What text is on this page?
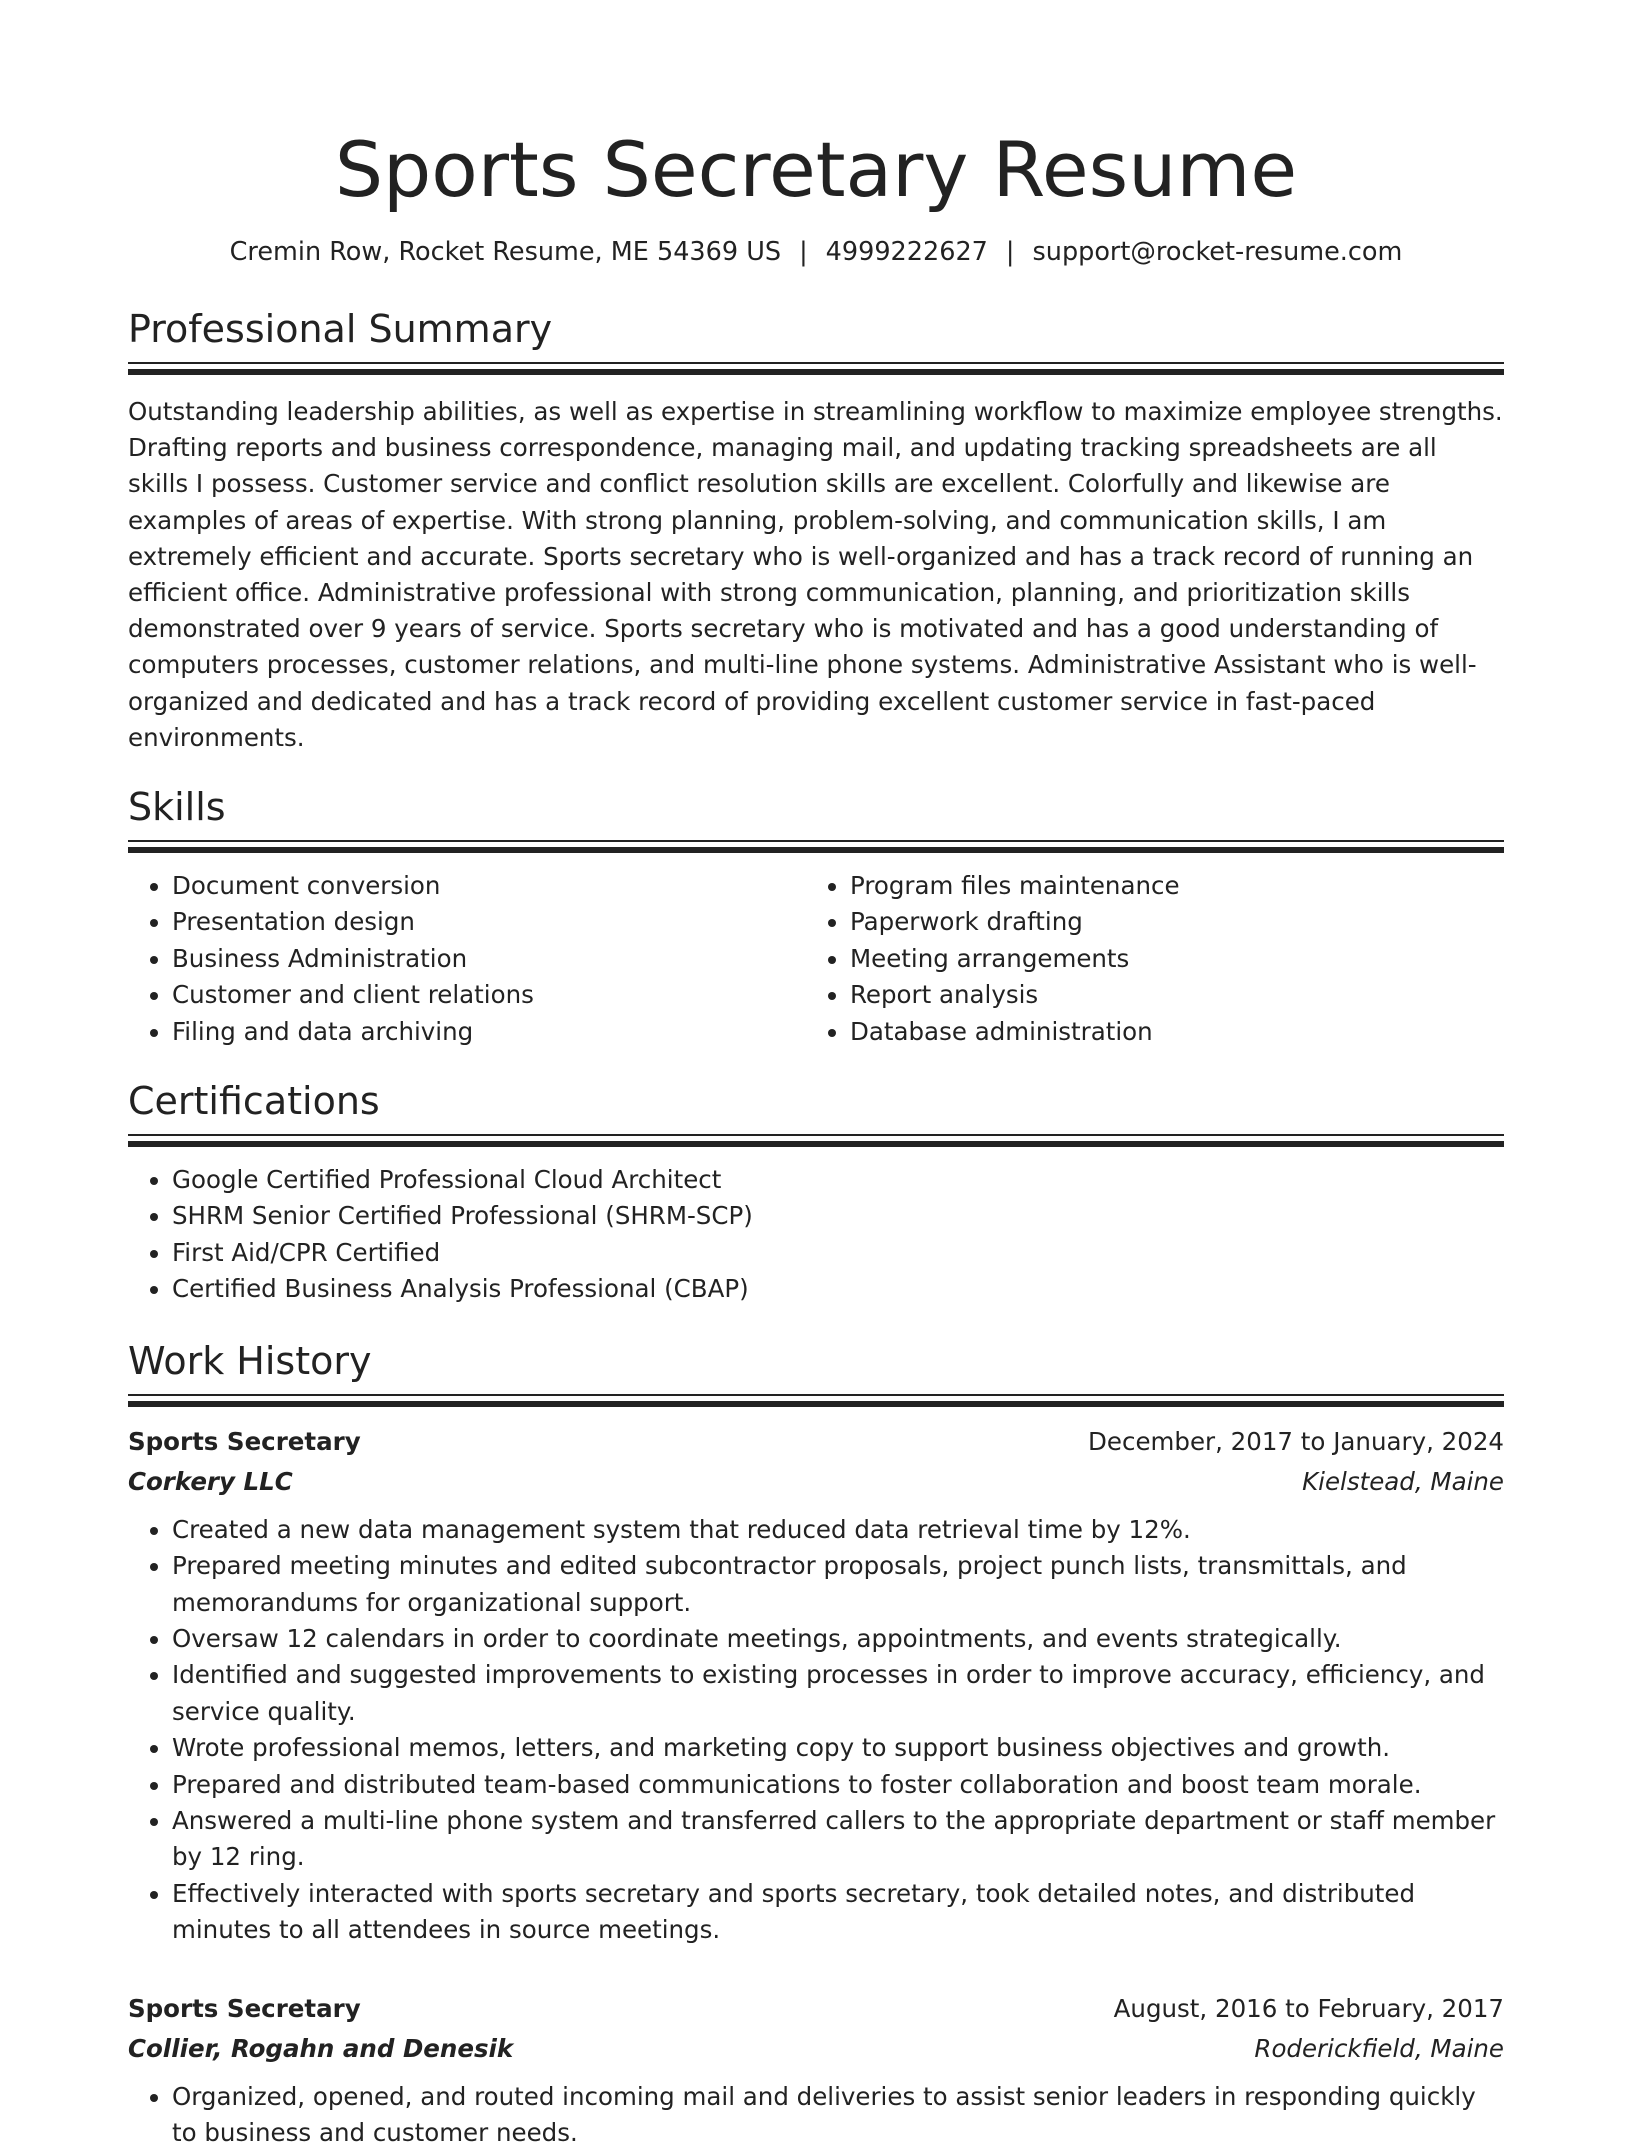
Sports Secretary Resume
Cremin Row, Rocket Resume, ME 54369 US | 4999222627 | support@rocket-resume.com
Professional Summary

Outstanding leadership abilities, as well as expertise in streamlining workflow to maximize employee strengths. Drafting reports and business correspondence, managing mail, and updating tracking spreadsheets are all skills I possess. Customer service and conflict resolution skills are excellent. Colorfully and likewise are examples of areas of expertise. With strong planning, problem-solving, and communication skills, I am extremely efficient and accurate. Sports secretary who is well-organized and has a track record of running an efficient office. Administrative professional with strong communication, planning, and prioritization skills demonstrated over 9 years of service. Sports secretary who is motivated and has a good understanding of computers processes, customer relations, and multi-line phone systems. Administrative Assistant who is well-organized and dedicated and has a track record of providing excellent customer service in fast-paced environments.

Skills
• Document conversion
• Presentation design
• Business Administration
• Customer and client relations
• Filing and data archiving
• Program files maintenance
• Paperwork drafting
• Meeting arrangements
• Report analysis
• Database administration
Certifications
• Google Certified Professional Cloud Architect
• SHRM Senior Certified Professional (SHRM-SCP)
• First Aid/CPR Certified
• Certified Business Analysis Professional (CBAP)
Work History
Sports Secretary	December, 2017 to January, 2024
Corkery LLC	Kielstead, Maine
• Created a new data management system that reduced data retrieval time by 12%.
• Prepared meeting minutes and edited subcontractor proposals, project punch lists, transmittals, and memorandums for organizational support.
• Oversaw 12 calendars in order to coordinate meetings, appointments, and events strategically.
• Identified and suggested improvements to existing processes in order to improve accuracy, efficiency, and service quality.
• Wrote professional memos, letters, and marketing copy to support business objectives and growth.
• Prepared and distributed team-based communications to foster collaboration and boost team morale.
• Answered a multi-line phone system and transferred callers to the appropriate department or staff member by 12 ring.
• Effectively interacted with sports secretary and sports secretary, took detailed notes, and distributed minutes to all attendees in source meetings.
Sports Secretary	August, 2016 to February, 2017
Collier, Rogahn and Denesik	Roderickfield, Maine
• Organized, opened, and routed incoming mail and deliveries to assist senior leaders in responding quickly to business and customer needs.
